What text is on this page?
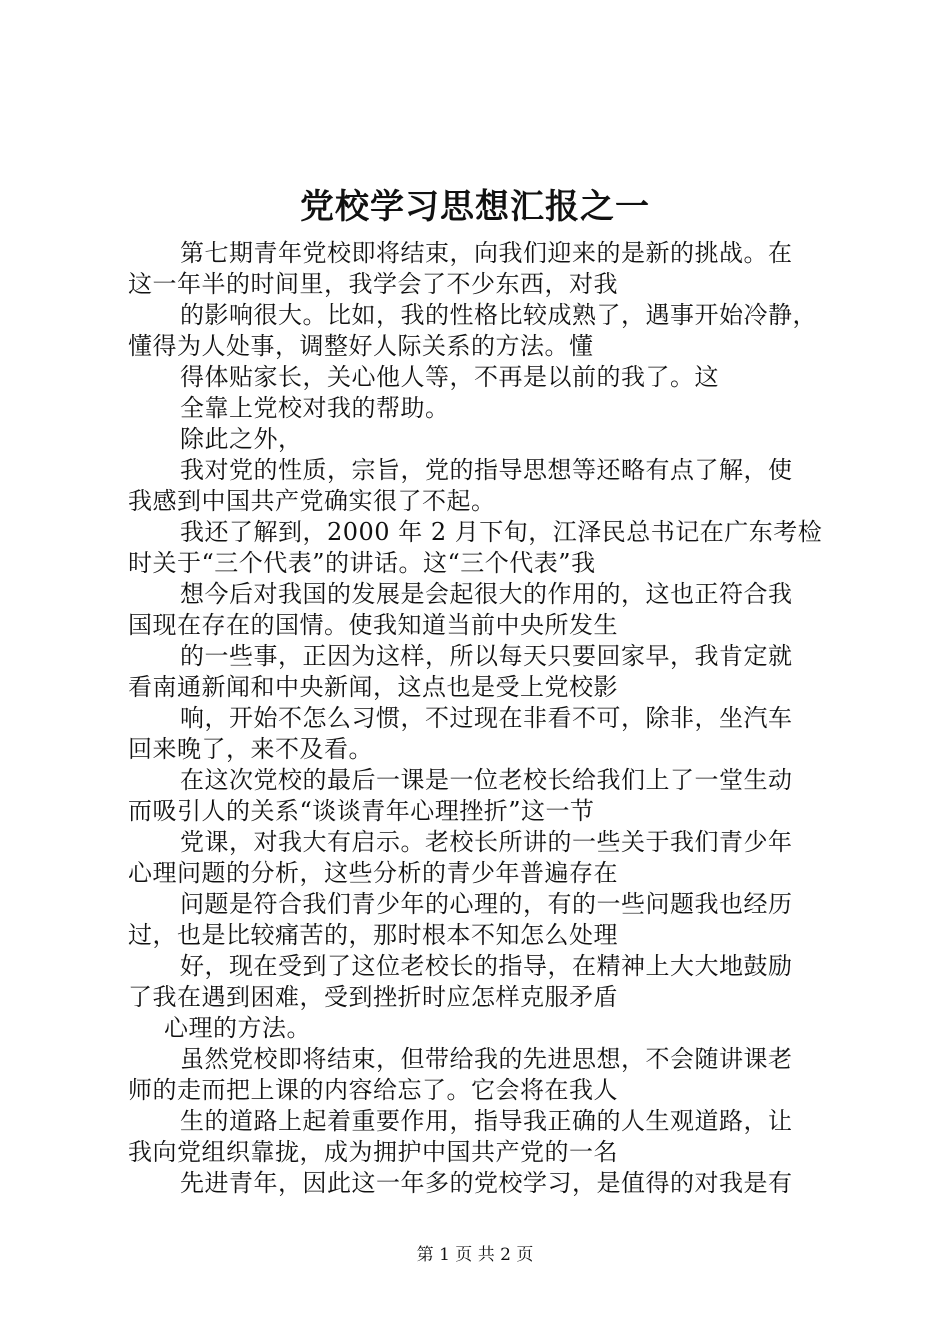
党校学习思想汇报之一

第七期青年党校即将结束，向我们迎来的是新的挑战。在
这一年半的时间里，我学会了不少东西，对我

的影响很大。比如，我的性格比较成熟了，遇事开始冷静，
懂得为人处事，调整好人际关系的方法。懂

得体贴家长，关心他人等，不再是以前的我了。这

全靠上党校对我的帮助。

除此之外，

我对党的性质，宗旨，党的指导思想等还略有点了解，使
我感到中国共产党确实很了不起。

我还了解到，2000 年 2 月下旬，江泽民总书记在广东考检
时关于“三个代表”的讲话。这“三个代表”我

想今后对我国的发展是会起很大的作用的，这也正符合我
国现在存在的国情。使我知道当前中央所发生

的一些事，正因为这样，所以每天只要回家早，我肯定就
看南通新闻和中央新闻，这点也是受上党校影

响，开始不怎么习惯，不过现在非看不可，除非，坐汽车
回来晚了，来不及看。

在这次党校的最后一课是一位老校长给我们上了一堂生动
而吸引人的关系“谈谈青年心理挫折”这一节

党课，对我大有启示。老校长所讲的一些关于我们青少年
心理问题的分析，这些分析的青少年普遍存在

问题是符合我们青少年的心理的，有的一些问题我也经历
过，也是比较痛苦的，那时根本不知怎么处理

好，现在受到了这位老校长的指导，在精神上大大地鼓励
了我在遇到困难，受到挫折时应怎样克服矛盾

心理的方法。

虽然党校即将结束，但带给我的先进思想，不会随讲课老
师的走而把上课的内容给忘了。它会将在我人

生的道路上起着重要作用，指导我正确的人生观道路，让
我向党组织靠拢，成为拥护中国共产党的一名

先进青年，因此这一年多的党校学习，是值得的对我是有

第 1 页 共 2 页
